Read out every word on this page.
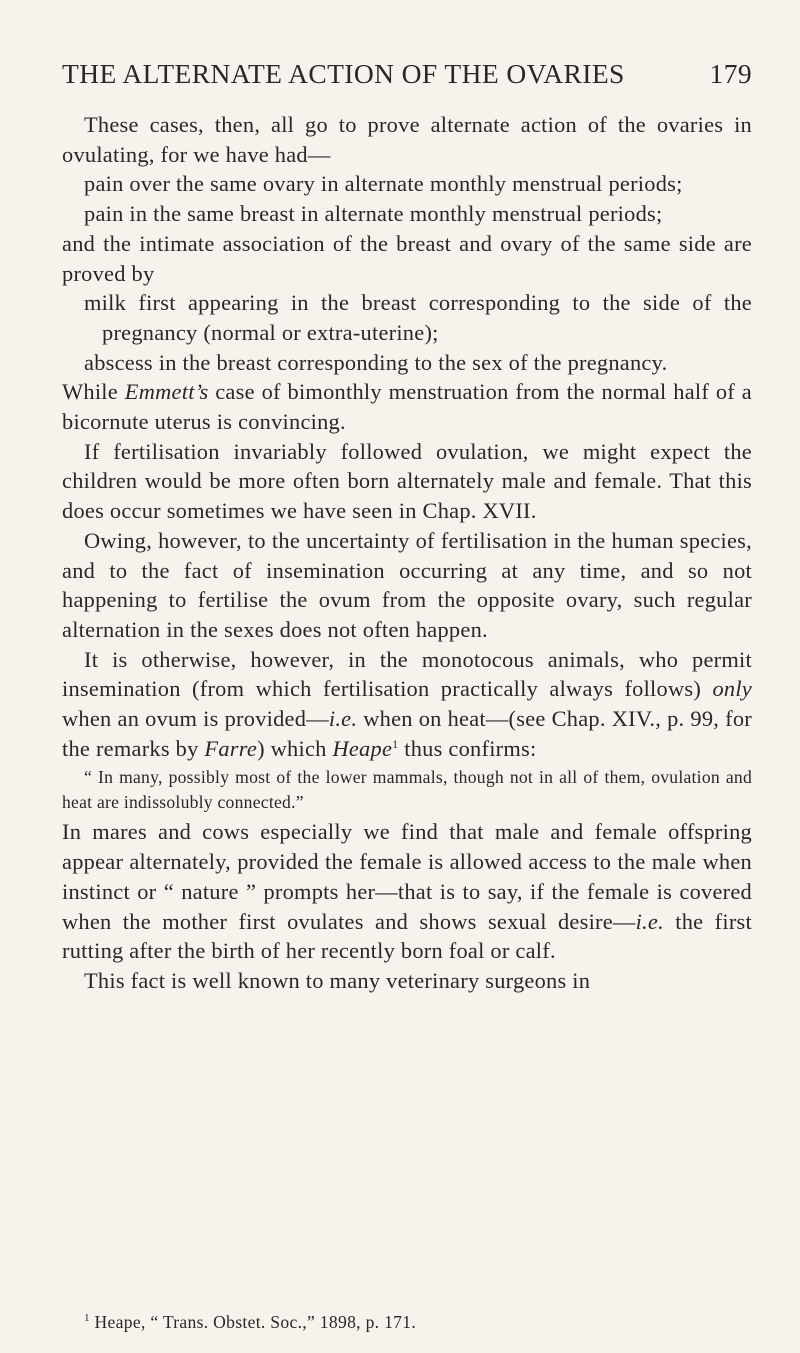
THE ALTERNATE ACTION OF THE OVARIES	179

These cases, then, all go to prove alternate action of the ovaries in ovulating, for we have had—

pain over the same ovary in alternate monthly menstrual periods;

pain in the same breast in alternate monthly menstrual periods;

and the intimate association of the breast and ovary of the same side are proved by

milk first appearing in the breast corresponding to the side of the pregnancy (normal or extra-uterine);

abscess in the breast corresponding to the sex of the pregnancy.

While Emmett’s case of bimonthly menstruation from the normal half of a bicornute uterus is convincing.

If fertilisation invariably followed ovulation, we might expect the children would be more often born alternately male and female. That this does occur sometimes we have seen in Chap. XVII.

Owing, however, to the uncertainty of fertilisation in the human species, and to the fact of insemination occurring at any time, and so not happening to fertilise the ovum from the opposite ovary, such regular alternation in the sexes does not often happen.

It is otherwise, however, in the monotocous animals, who permit insemination (from which fertilisation practically always follows) only when an ovum is provided—i.e. when on heat—(see Chap. XIV., p. 99, for the remarks by Farre) which Heape$^1$ thus confirms:

“ In many, possibly most of the lower mammals, though not in all of them, ovulation and heat are indissolubly connected.”

In mares and cows especially we find that male and female offspring appear alternately, provided the female is allowed access to the male when instinct or “ nature ” prompts her—that is to say, if the female is covered when the mother first ovulates and shows sexual desire—i.e. the first rutting after the birth of her recently born foal or calf.

This fact is well known to many veterinary surgeons in

$^1$ Heape, “ Trans. Obstet. Soc.,” 1898, p. 171.
